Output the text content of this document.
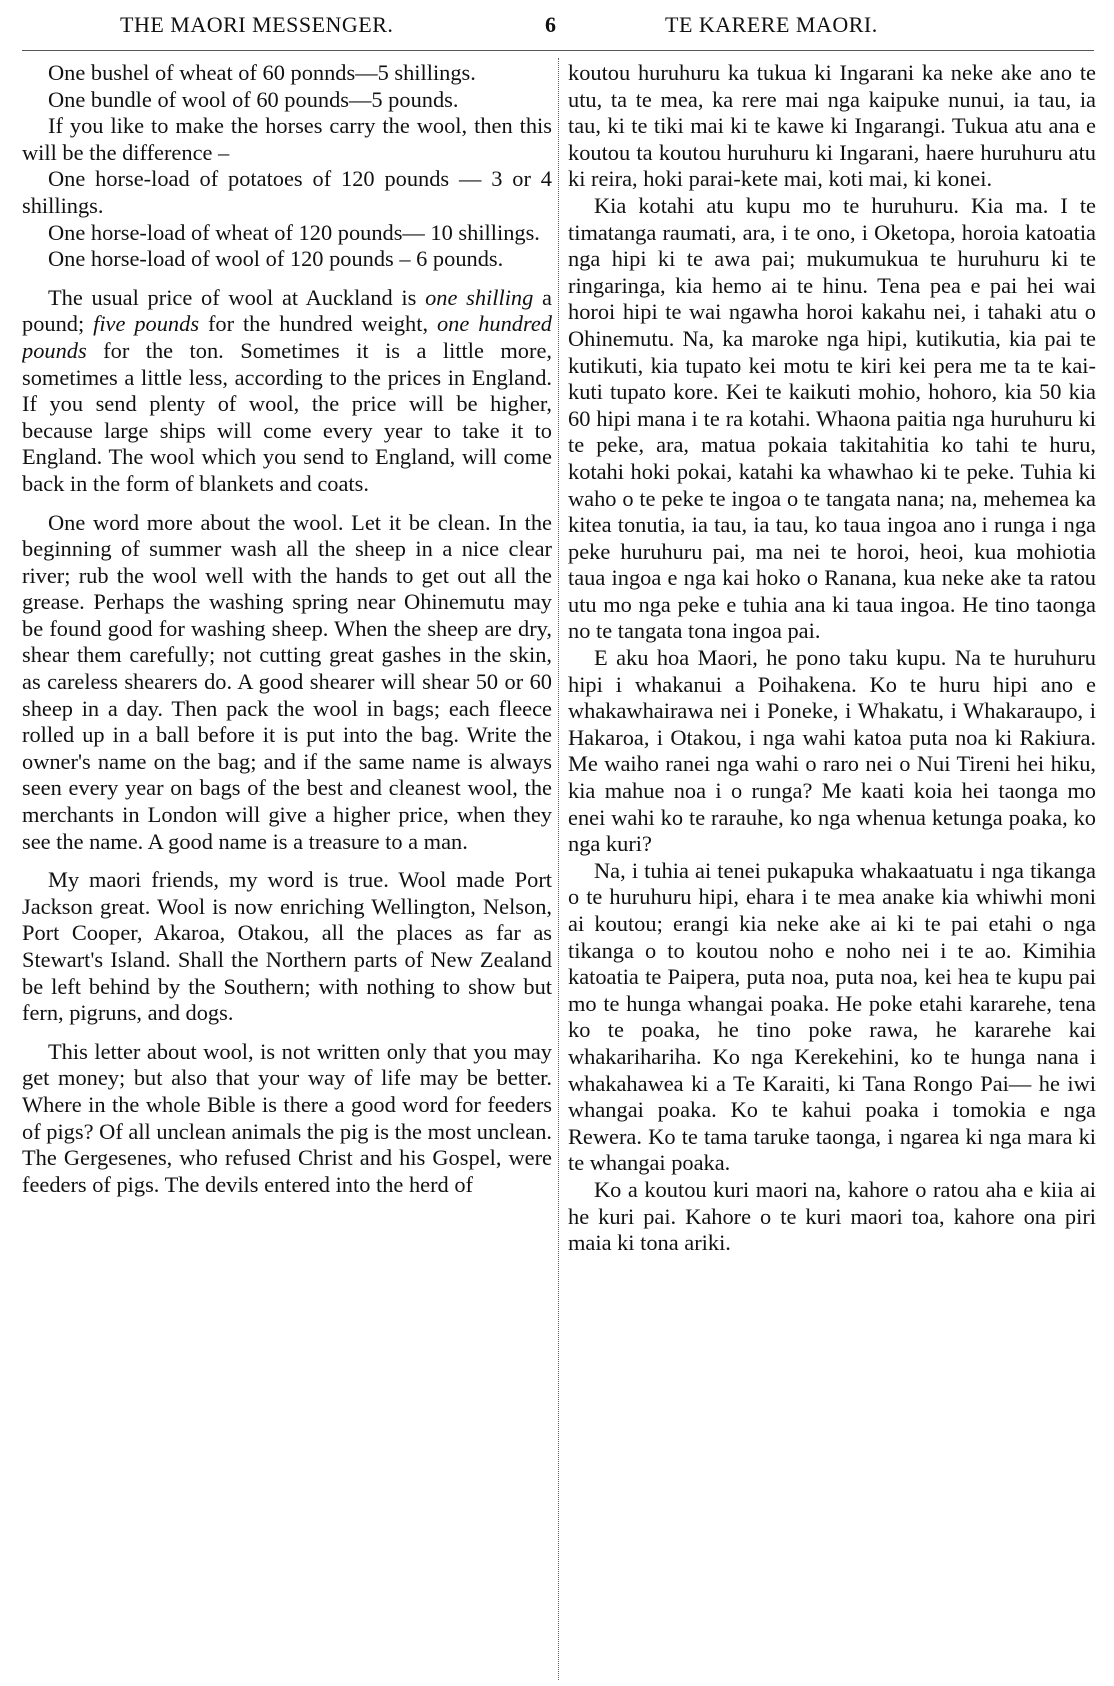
THE MAORI MESSENGER.	6	TE KARERE MAORI.

One bushel of wheat of 60 ponnds—5 shillings.

One bundle of wool of 60 pounds—5 pounds.

If you like to make the horses carry the wool, then this will be the difference –

One horse-load of potatoes of 120 pounds — 3 or 4 shillings.

One horse-load of wheat of 120 pounds— 10 shillings.

One horse-load of wool of 120 pounds – 6 pounds.

The usual price of wool at Auckland is one shilling a pound; five pounds for the hundred weight, one hundred pounds for the ton. Sometimes it is a little more, sometimes a little less, according to the prices in England. If you send plenty of wool, the price will be higher, because large ships will come every year to take it to England. The wool which you send to England, will come back in the form of blankets and coats.

One word more about the wool. Let it be clean. In the beginning of summer wash all the sheep in a nice clear river; rub the wool well with the hands to get out all the grease. Perhaps the washing spring near Ohinemutu may be found good for washing sheep. When the sheep are dry, shear them carefully; not cutting great gashes in the skin, as careless shearers do. A good shearer will shear 50 or 60 sheep in a day. Then pack the wool in bags; each fleece rolled up in a ball before it is put into the bag. Write the owner's name on the bag; and if the same name is always seen every year on bags of the best and cleanest wool, the merchants in London will give a higher price, when they see the name. A good name is a treasure to a man.

My maori friends, my word is true. Wool made Port Jackson great. Wool is now enriching Wellington, Nelson, Port Cooper, Akaroa, Otakou, all the places as far as Stewart's Island. Shall the Northern parts of New Zealand be left behind by the Southern; with nothing to show but fern, pigruns, and dogs.

This letter about wool, is not written only that you may get money; but also that your way of life may be better. Where in the whole Bible is there a good word for feeders of pigs? Of all unclean animals the pig is the most unclean. The Gergesenes, who refused Christ and his Gospel, were feeders of pigs. The devils entered into the herd of

koutou huruhuru ka tukua ki Ingarani ka neke ake ano te utu, ta te mea, ka rere mai nga kaipuke nunui, ia tau, ia tau, ki te tiki mai ki te kawe ki Ingarangi. Tukua atu ana e koutou ta koutou huruhuru ki Ingarani, haere huruhuru atu ki reira, hoki parai-kete mai, koti mai, ki konei.

Kia kotahi atu kupu mo te huruhuru. Kia ma. I te timatanga raumati, ara, i te ono, i Oketopa, horoia katoatia nga hipi ki te awa pai; mukumukua te huruhuru ki te ringaringa, kia hemo ai te hinu. Tena pea e pai hei wai horoi hipi te wai ngawha horoi kakahu nei, i tahaki atu o Ohinemutu. Na, ka maroke nga hipi, kutikutia, kia pai te kutikuti, kia tupato kei motu te kiri kei pera me ta te kai-kuti tupato kore. Kei te kaikuti mohio, hohoro, kia 50 kia 60 hipi mana i te ra kotahi. Whaona paitia nga huruhuru ki te peke, ara, matua pokaia takitahitia ko tahi te huru, kotahi hoki pokai, katahi ka whawhao ki te peke. Tuhia ki waho o te peke te ingoa o te tangata nana; na, mehemea ka kitea tonutia, ia tau, ia tau, ko taua ingoa ano i runga i nga peke huruhuru pai, ma nei te horoi, heoi, kua mohiotia taua ingoa e nga kai hoko o Ranana, kua neke ake ta ratou utu mo nga peke e tuhia ana ki taua ingoa. He tino taonga no te tangata tona ingoa pai.

E aku hoa Maori, he pono taku kupu. Na te huruhuru hipi i whakanui a Poihakena. Ko te huru hipi ano e whakawhairawa nei i Poneke, i Whakatu, i Whakaraupo, i Hakaroa, i Otakou, i nga wahi katoa puta noa ki Rakiura. Me waiho ranei nga wahi o raro nei o Nui Tireni hei hiku, kia mahue noa i o runga? Me kaati koia hei taonga mo enei wahi ko te rarauhe, ko nga whenua ketunga poaka, ko nga kuri?

Na, i tuhia ai tenei pukapuka whakaatuatu i nga tikanga o te huruhuru hipi, ehara i te mea anake kia whiwhi moni ai koutou; erangi kia neke ake ai ki te pai etahi o nga tikanga o to koutou noho e noho nei i te ao. Kimihia katoatia te Paipera, puta noa, puta noa, kei hea te kupu pai mo te hunga whangai poaka. He poke etahi kararehe, tena ko te poaka, he tino poke rawa, he kararehe kai whakarihariha. Ko nga Kerekehini, ko te hunga nana i whakahawea ki a Te Karaiti, ki Tana Rongo Pai— he iwi whangai poaka. Ko te kahui poaka i tomokia e nga Rewera. Ko te tama taruke taonga, i ngarea ki nga mara ki te whangai poaka.

Ko a koutou kuri maori na, kahore o ratou aha e kiia ai he kuri pai. Kahore o te kuri maori toa, kahore ona piri maia ki tona ariki.
